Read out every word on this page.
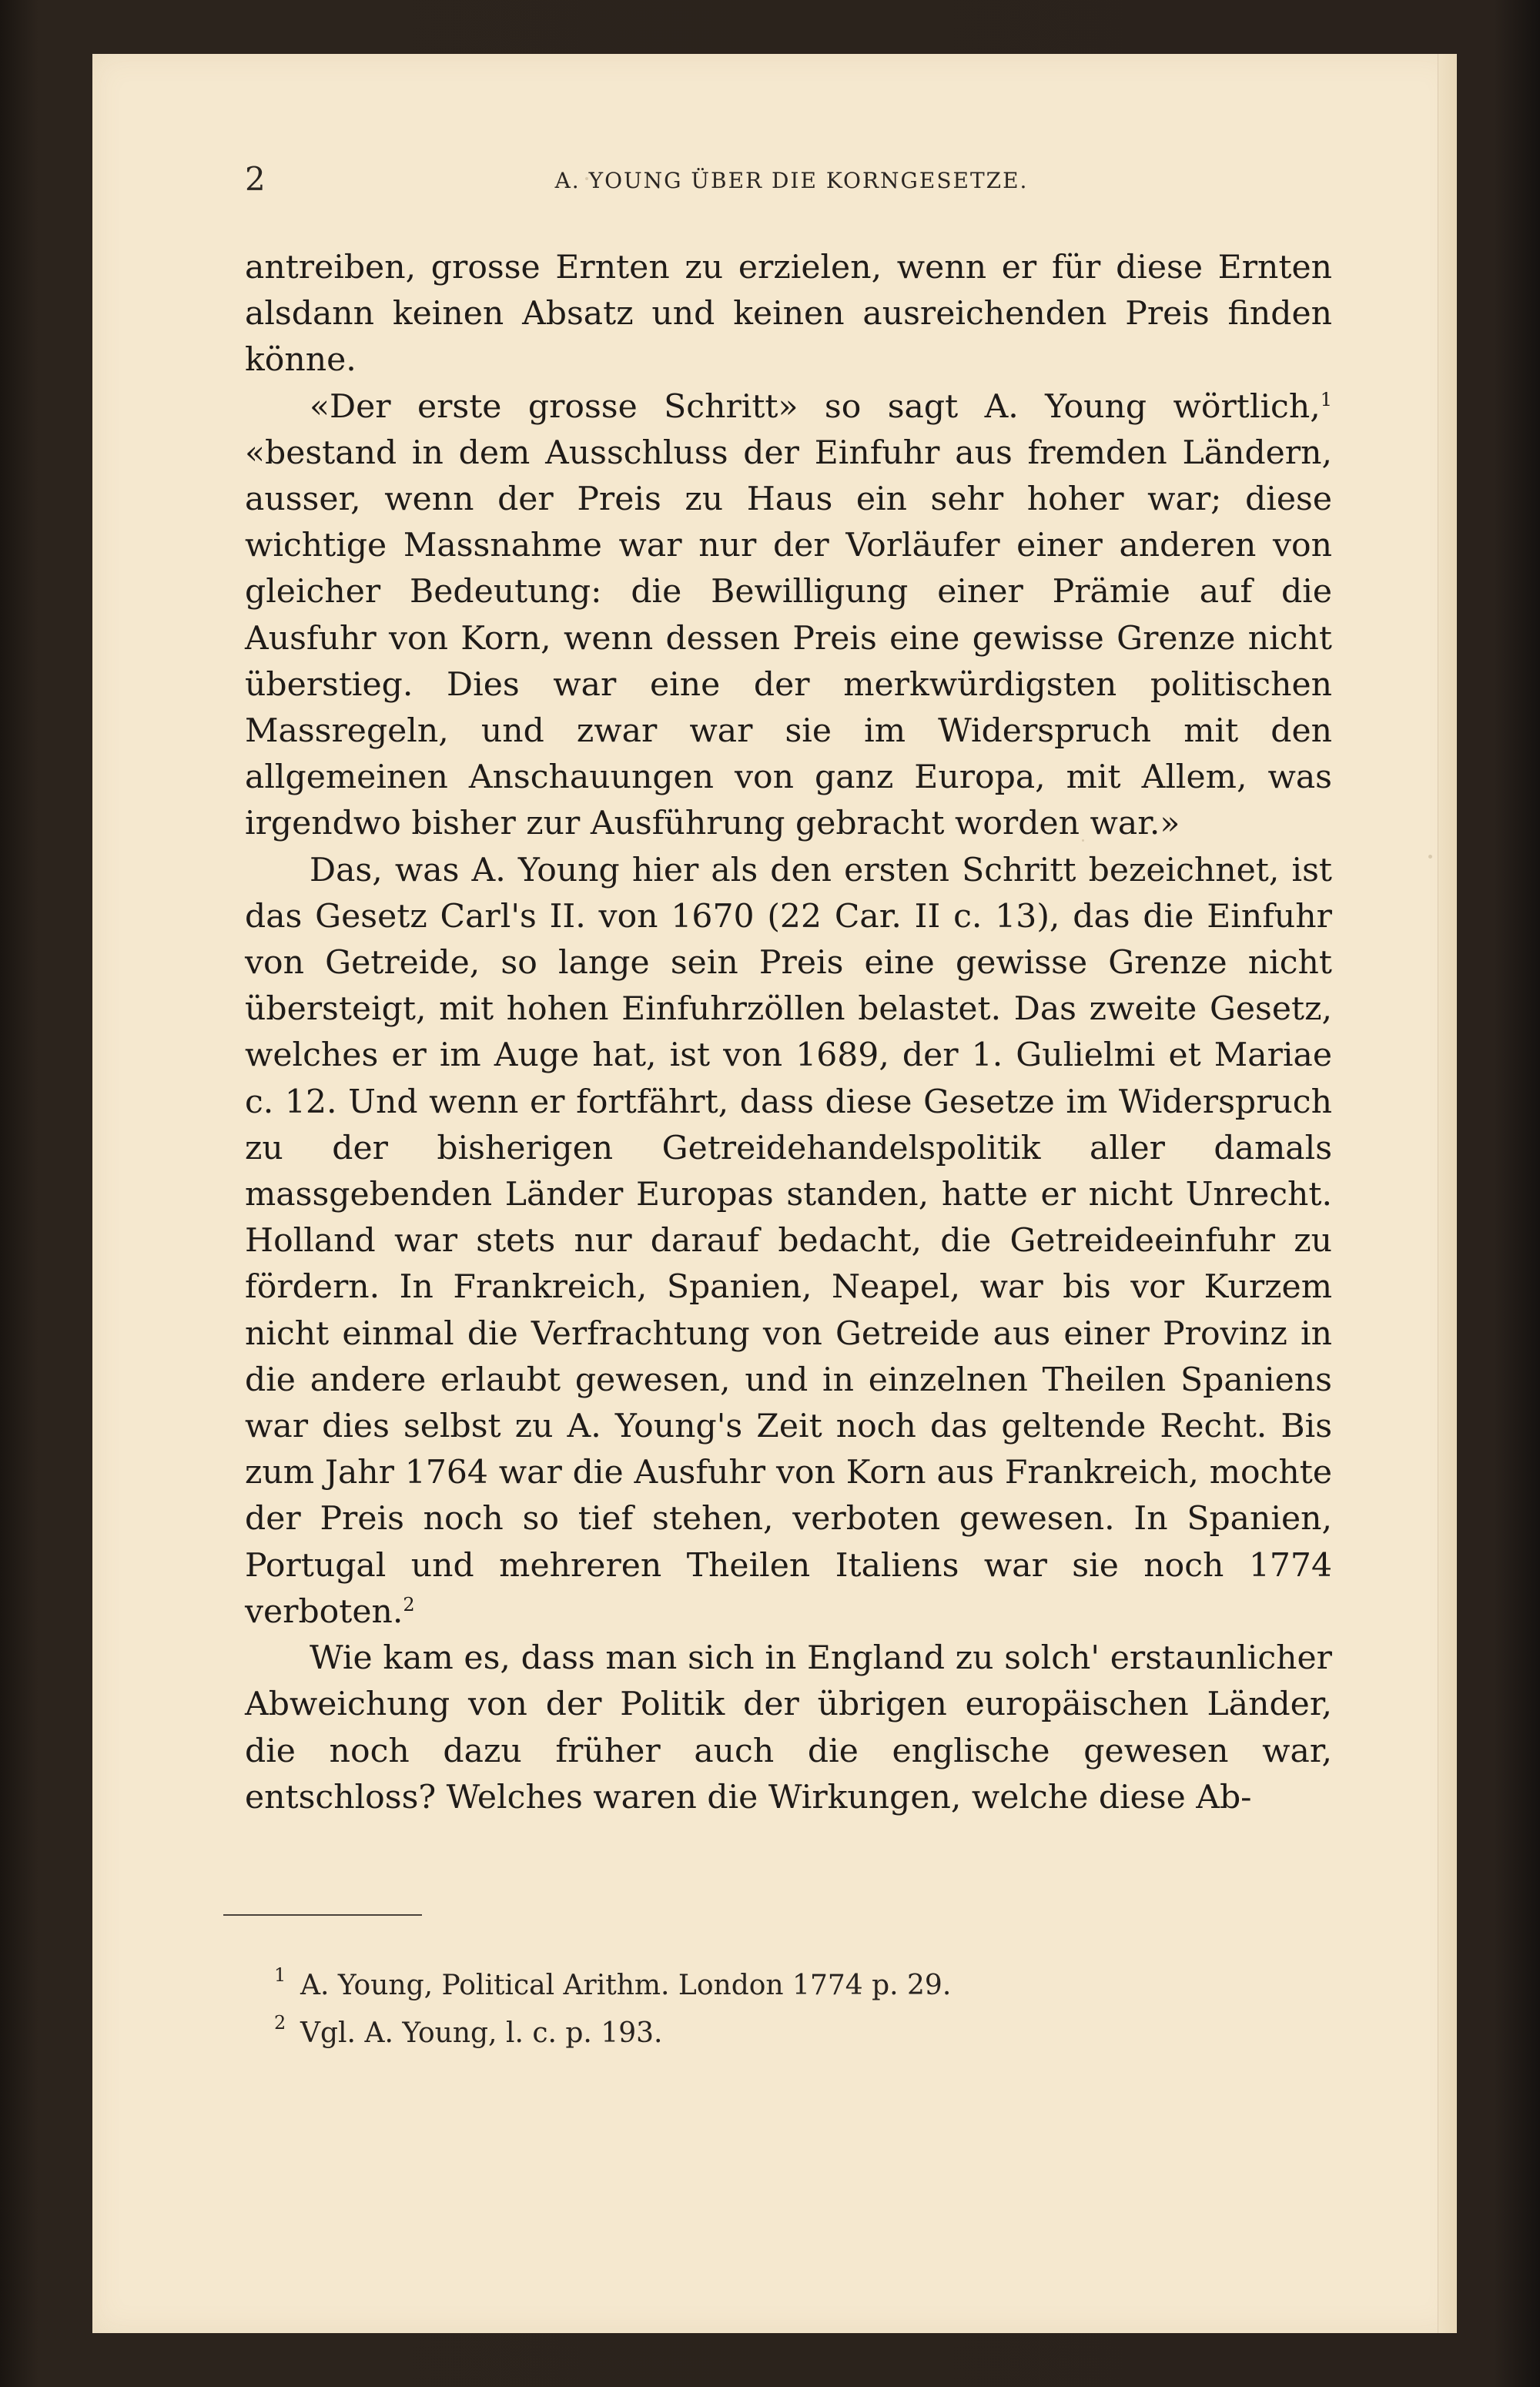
2	A. YOUNG ÜBER DIE KORNGESETZE.

antreiben, grosse Ernten zu erzielen, wenn er für diese Ernten alsdann keinen Absatz und keinen ausreichenden Preis finden könne.

«Der erste grosse Schritt» so sagt A. Young wörtlich,$^1$ «bestand in dem Ausschluss der Einfuhr aus fremden Ländern, ausser, wenn der Preis zu Haus ein sehr hoher war; diese wichtige Massnahme war nur der Vorläufer einer anderen von gleicher Bedeutung: die Bewilligung einer Prämie auf die Ausfuhr von Korn, wenn dessen Preis eine gewisse Grenze nicht überstieg. Dies war eine der merkwürdigsten politischen Massregeln, und zwar war sie im Widerspruch mit den allgemeinen Anschauungen von ganz Europa, mit Allem, was irgendwo bisher zur Ausführung gebracht worden war.»

Das, was A. Young hier als den ersten Schritt bezeichnet, ist das Gesetz Carl's II. von 1670 (22 Car. II c. 13), das die Einfuhr von Getreide, so lange sein Preis eine gewisse Grenze nicht übersteigt, mit hohen Einfuhrzöllen belastet. Das zweite Gesetz, welches er im Auge hat, ist von 1689, der 1. Gulielmi et Mariae c. 12. Und wenn er fortfährt, dass diese Gesetze im Widerspruch zu der bisherigen Getreidehandelspolitik aller damals massgebenden Länder Europas standen, hatte er nicht Unrecht. Holland war stets nur darauf bedacht, die Getreideeinfuhr zu fördern. In Frankreich, Spanien, Neapel, war bis vor Kurzem nicht einmal die Verfrachtung von Getreide aus einer Provinz in die andere erlaubt gewesen, und in einzelnen Theilen Spaniens war dies selbst zu A. Young's Zeit noch das geltende Recht. Bis zum Jahr 1764 war die Ausfuhr von Korn aus Frankreich, mochte der Preis noch so tief stehen, verboten gewesen. In Spanien, Portugal und mehreren Theilen Italiens war sie noch 1774 verboten.$^2$

Wie kam es, dass man sich in England zu solch' erstaunlicher Abweichung von der Politik der übrigen europäischen Länder, die noch dazu früher auch die englische gewesen war, entschloss? Welches waren die Wirkungen, welche diese Ab-

1 A. Young, Political Arithm. London 1774 p. 29.

2 Vgl. A. Young, l. c. p. 193.
